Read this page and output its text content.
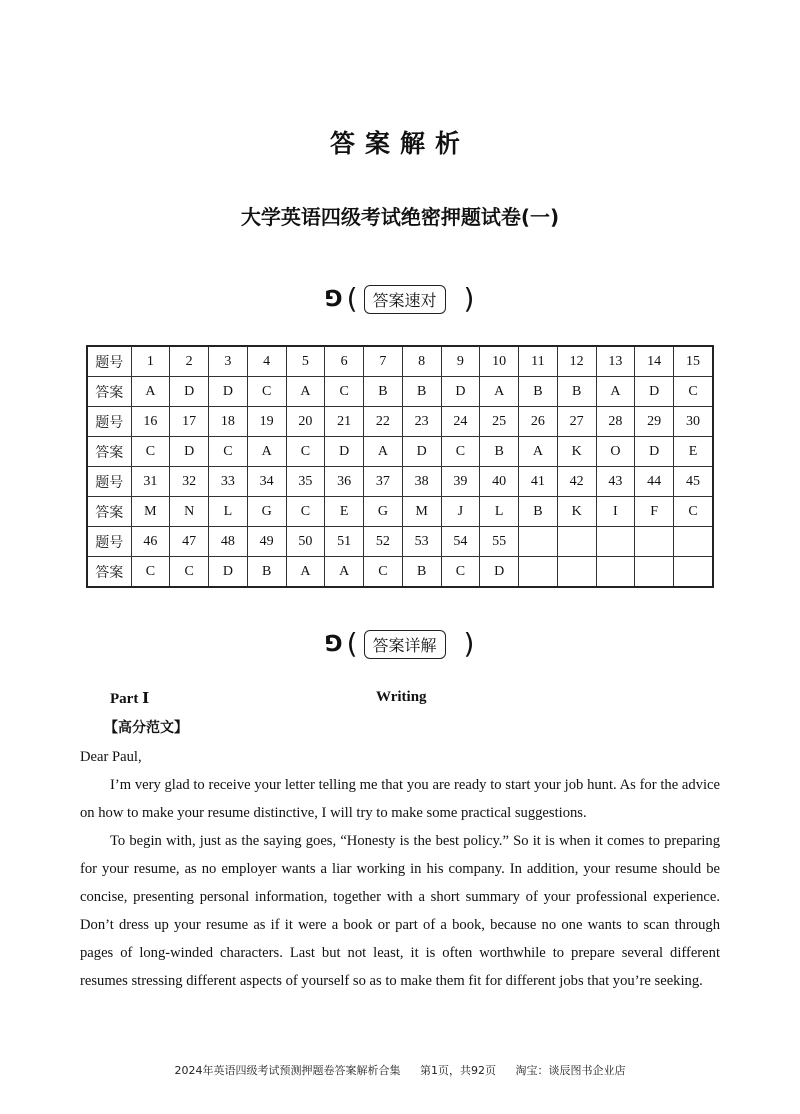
答案解析
大学英语四级考试绝密押题试卷(一)
⅁ ( 答案速对 )
题号	1	2	3	4	5	6	7	8	9	10	11	12	13	14	15
答案	A	D	D	C	A	C	B	B	D	A	B	B	A	D	C
题号	16	17	18	19	20	21	22	23	24	25	26	27	28	29	30
答案	C	D	C	A	C	D	A	D	C	B	A	K	O	D	E
题号	31	32	33	34	35	36	37	38	39	40	41	42	43	44	45
答案	M	N	L	G	C	E	G	M	J	L	B	K	I	F	C
题号	46	47	48	49	50	51	52	53	54	55					
答案	C	C	D	B	A	A	C	B	C	D					
⅁ ( 答案详解 )
Part Ⅰ	Writing
【高分范文】

Dear Paul,

I’m very glad to receive your letter telling me that you are ready to start your job hunt. As for the advice on how to make your resume distinctive, I will try to make some practical suggestions.

To begin with, just as the saying goes, “Honesty is the best policy.” So it is when it comes to preparing for your resume, as no employer wants a liar working in his company. In addition, your resume should be concise, presenting personal information, together with a short summary of your professional experience. Don’t dress up your resume as if it were a book or part of a book, because no one wants to scan through pages of long-winded characters. Last but not least, it is often worthwhile to prepare several different resumes stressing different aspects of yourself so as to make them fit for different jobs that you’re seeking.

2024年英语四级考试预测押题卷答案解析合集 第1页，共92页 淘宝：谈辰图书企业店
